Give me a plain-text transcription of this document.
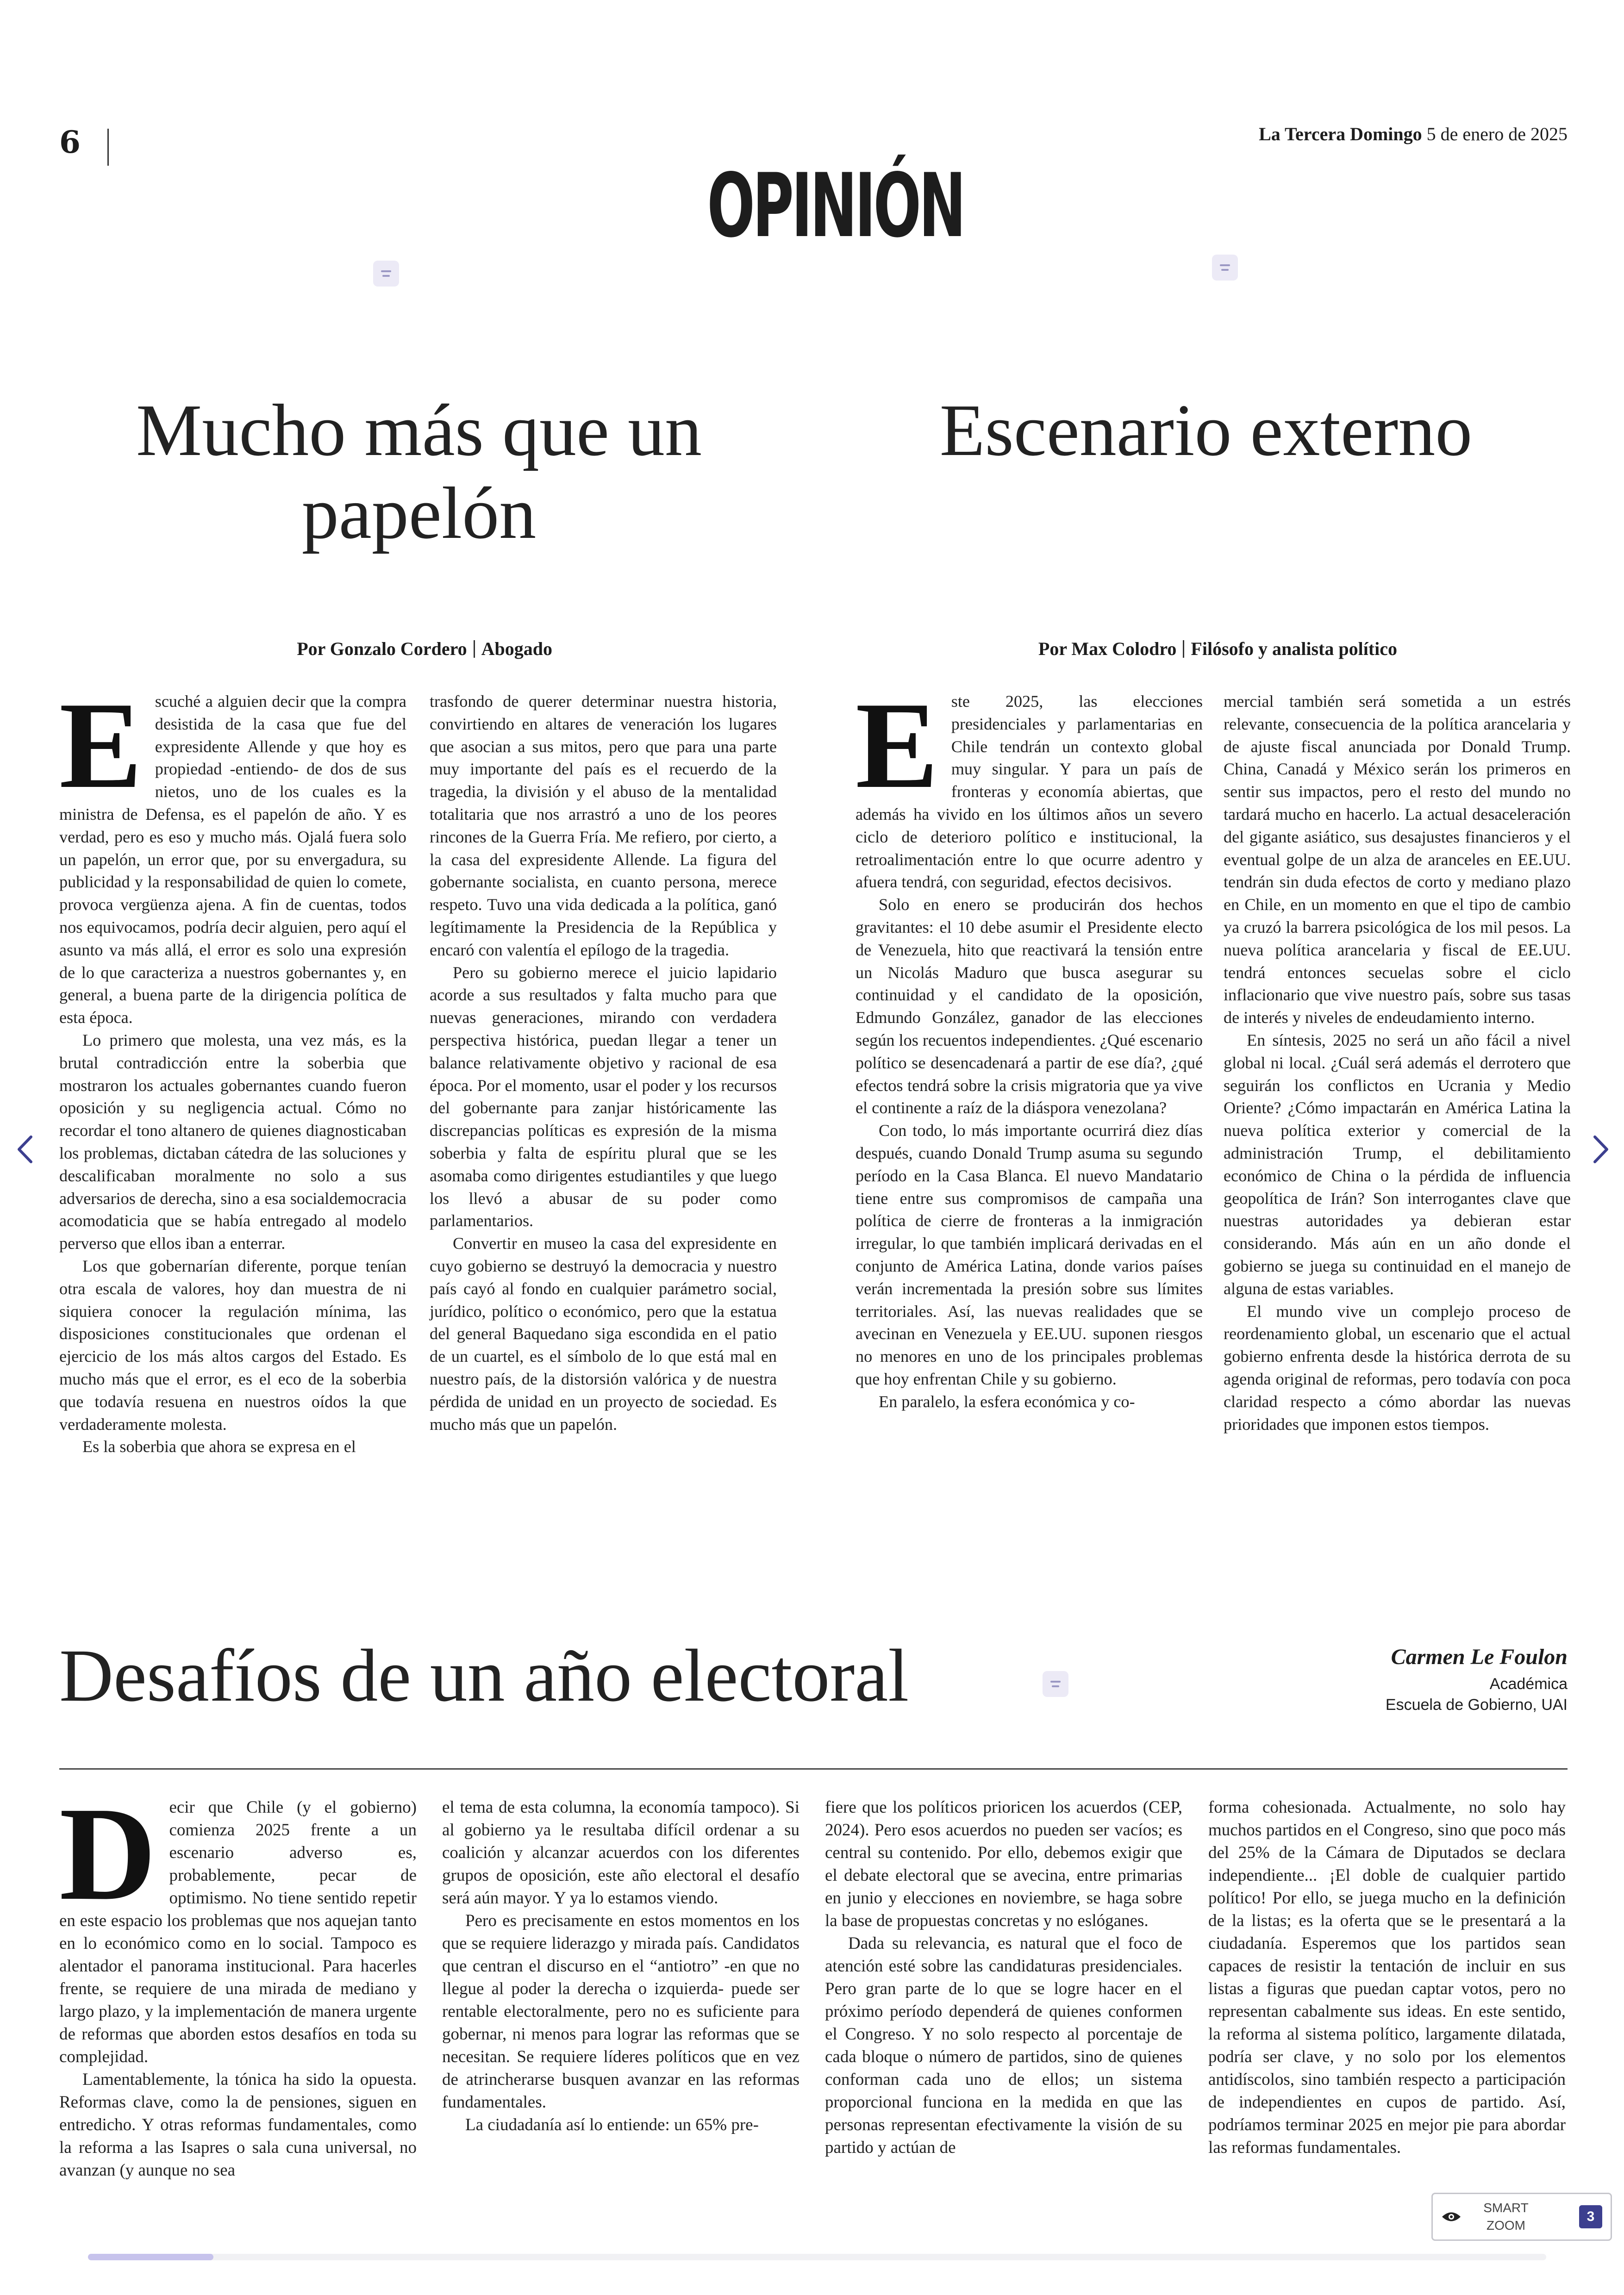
6	La Tercera Domingo 5 de enero de 2025
OPINIÓN
Mucho más que un papelón
Por Gonzalo Cordero Abogado
E scuché a alguien decir que la compra desistida de la casa que fue del expresidente Allende y que hoy es propiedad -entiendo- de dos de sus nietos, uno de los cuales es la ministra de Defensa, es el papelón de año. Y es verdad, pero es eso y mucho más. Ojalá fuera solo un papelón, un error que, por su envergadura, su publicidad y la responsabilidad de quien lo comete, provoca vergüenza ajena. A fin de cuentas, todos nos equivocamos, podría decir alguien, pero aquí el asunto va más allá, el error es solo una expresión de lo que caracteriza a nuestros gobernantes y, en general, a buena parte de la dirigencia política de esta época.

Lo primero que molesta, una vez más, es la brutal contradicción entre la soberbia que mostraron los actuales gobernantes cuando fueron oposición y su negligencia actual. Cómo no recordar el tono altanero de quienes diagnosticaban los problemas, dictaban cátedra de las soluciones y descalificaban moralmente no solo a sus adversarios de derecha, sino a esa socialdemocracia acomodaticia que se había entregado al modelo perverso que ellos iban a enterrar.

Los que gobernarían diferente, porque tenían otra escala de valores, hoy dan muestra de ni siquiera conocer la regulación mínima, las disposiciones constitucionales que ordenan el ejercicio de los más altos cargos del Estado. Es mucho más que el error, es el eco de la soberbia que todavía resuena en nuestros oídos la que verdaderamente molesta.

Es la soberbia que ahora se expresa en el

trasfondo de querer determinar nuestra historia, convirtiendo en altares de veneración los lugares que asocian a sus mitos, pero que para una parte muy importante del país es el recuerdo de la tragedia, la división y el abuso de la mentalidad totalitaria que nos arrastró a uno de los peores rincones de la Guerra Fría. Me refiero, por cierto, a la casa del expresidente Allende. La figura del gobernante socialista, en cuanto persona, merece respeto. Tuvo una vida dedicada a la política, ganó legítimamente la Presidencia de la República y encaró con valentía el epílogo de la tragedia.

Pero su gobierno merece el juicio lapidario acorde a sus resultados y falta mucho para que nuevas generaciones, mirando con verdadera perspectiva histórica, puedan llegar a tener un balance relativamente objetivo y racional de esa época. Por el momento, usar el poder y los recursos del gobernante para zanjar históricamente las discrepancias políticas es expresión de la misma soberbia y falta de espíritu plural que se les asomaba como dirigentes estudiantiles y que luego los llevó a abusar de su poder como parlamentarios.

Convertir en museo la casa del expresidente en cuyo gobierno se destruyó la democracia y nuestro país cayó al fondo en cualquier parámetro social, jurídico, político o económico, pero que la estatua del general Baquedano siga escondida en el patio de un cuartel, es el símbolo de lo que está mal en nuestro país, de la distorsión valórica y de nuestra pérdida de unidad en un proyecto de sociedad. Es mucho más que un papelón.

Escenario externo
Por Max Colodro Filósofo y analista político
E ste 2025, las elecciones presidenciales y parlamentarias en Chile tendrán un contexto global muy singular. Y para un país de fronteras y economía abiertas, que además ha vivido en los últimos años un severo ciclo de deterioro político e institucional, la retroalimentación entre lo que ocurre adentro y afuera tendrá, con seguridad, efectos decisivos.

Solo en enero se producirán dos hechos gravitantes: el 10 debe asumir el Presidente electo de Venezuela, hito que reactivará la tensión entre un Nicolás Maduro que busca asegurar su continuidad y el candidato de la oposición, Edmundo González, ganador de las elecciones según los recuentos independientes. ¿Qué escenario político se desencadenará a partir de ese día?, ¿qué efectos tendrá sobre la crisis migratoria que ya vive el continente a raíz de la diáspora venezolana?

Con todo, lo más importante ocurrirá diez días después, cuando Donald Trump asuma su segundo período en la Casa Blanca. El nuevo Mandatario tiene entre sus compromisos de campaña una política de cierre de fronteras a la inmigración irregular, lo que también implicará derivadas en el conjunto de América Latina, donde varios países verán incrementada la presión sobre sus límites territoriales. Así, las nuevas realidades que se avecinan en Venezuela y EE.UU. suponen riesgos no menores en uno de los principales problemas que hoy enfrentan Chile y su gobierno.

En paralelo, la esfera económica y co-

mercial también será sometida a un estrés relevante, consecuencia de la política arancelaria y de ajuste fiscal anunciada por Donald Trump. China, Canadá y México serán los primeros en sentir sus impactos, pero el resto del mundo no tardará mucho en hacerlo. La actual desaceleración del gigante asiático, sus desajustes financieros y el eventual golpe de un alza de aranceles en EE.UU. tendrán sin duda efectos de corto y mediano plazo en Chile, en un momento en que el tipo de cambio ya cruzó la barrera psicológica de los mil pesos. La nueva política arancelaria y fiscal de EE.UU. tendrá entonces secuelas sobre el ciclo inflacionario que vive nuestro país, sobre sus tasas de interés y niveles de endeudamiento interno.

En síntesis, 2025 no será un año fácil a nivel global ni local. ¿Cuál será además el derrotero que seguirán los conflictos en Ucrania y Medio Oriente? ¿Cómo impactarán en América Latina la nueva política exterior y comercial de la administración Trump, el debilitamiento económico de China o la pérdida de influencia geopolítica de Irán? Son interrogantes clave que nuestras autoridades ya debieran estar considerando. Más aún en un año donde el gobierno se juega su continuidad en el manejo de alguna de estas variables.

El mundo vive un complejo proceso de reordenamiento global, un escenario que el actual gobierno enfrenta desde la histórica derrota de su agenda original de reformas, pero todavía con poca claridad respecto a cómo abordar las nuevas prioridades que imponen estos tiempos.

Desafíos de un año electoral	Carmen Le Foulon
Académica
Escuela de Gobierno, UAI
D ecir que Chile (y el gobierno) comienza 2025 frente a un escenario adverso es, probablemente, pecar de optimismo. No tiene sentido repetir en este espacio los problemas que nos aquejan tanto en lo económico como en lo social. Tampoco es alentador el panorama institucional. Para hacerles frente, se requiere de una mirada de mediano y largo plazo, y la implementación de manera urgente de reformas que aborden estos desafíos en toda su complejidad.

Lamentablemente, la tónica ha sido la opuesta. Reformas clave, como la de pensiones, siguen en entredicho. Y otras reformas fundamentales, como la reforma a las Isapres o sala cuna universal, no avanzan (y aunque no sea

el tema de esta columna, la economía tampoco). Si al gobierno ya le resultaba difícil ordenar a su coalición y alcanzar acuerdos con los diferentes grupos de oposición, este año electoral el desafío será aún mayor. Y ya lo estamos viendo.

Pero es precisamente en estos momentos en los que se requiere liderazgo y mirada país. Candidatos que centran el discurso en el “antiotro” -en que no llegue al poder la derecha o izquierda- puede ser rentable electoralmente, pero no es suficiente para gobernar, ni menos para lograr las reformas que se necesitan. Se requiere líderes políticos que en vez de atrincherarse busquen avanzar en las reformas fundamentales.

La ciudadanía así lo entiende: un 65% pre-

fiere que los políticos prioricen los acuerdos (CEP, 2024). Pero esos acuerdos no pueden ser vacíos; es central su contenido. Por ello, debemos exigir que el debate electoral que se avecina, entre primarias en junio y elecciones en noviembre, se haga sobre la base de propuestas concretas y no eslóganes.

Dada su relevancia, es natural que el foco de atención esté sobre las candidaturas presidenciales. Pero gran parte de lo que se logre hacer en el próximo período dependerá de quienes conformen el Congreso. Y no solo respecto al porcentaje de cada bloque o número de partidos, sino de quienes conforman cada uno de ellos; un sistema proporcional funciona en la medida en que las personas representan efectivamente la visión de su partido y actúan de

forma cohesionada. Actualmente, no solo hay muchos partidos en el Congreso, sino que poco más del 25% de la Cámara de Diputados se declara independiente... ¡El doble de cualquier partido político! Por ello, se juega mucho en la definición de la listas; es la oferta que se le presentará a la ciudadanía. Esperemos que los partidos sean capaces de resistir la tentación de incluir en sus listas a figuras que puedan captar votos, pero no representan cabalmente sus ideas. En este sentido, la reforma al sistema político, largamente dilatada, podría ser clave, y no solo por los elementos antidíscolos, sino también respecto a participación de independientes en cupos de partido. Así, podríamos terminar 2025 en mejor pie para abordar las reformas fundamentales.

SMART ZOOM
3
